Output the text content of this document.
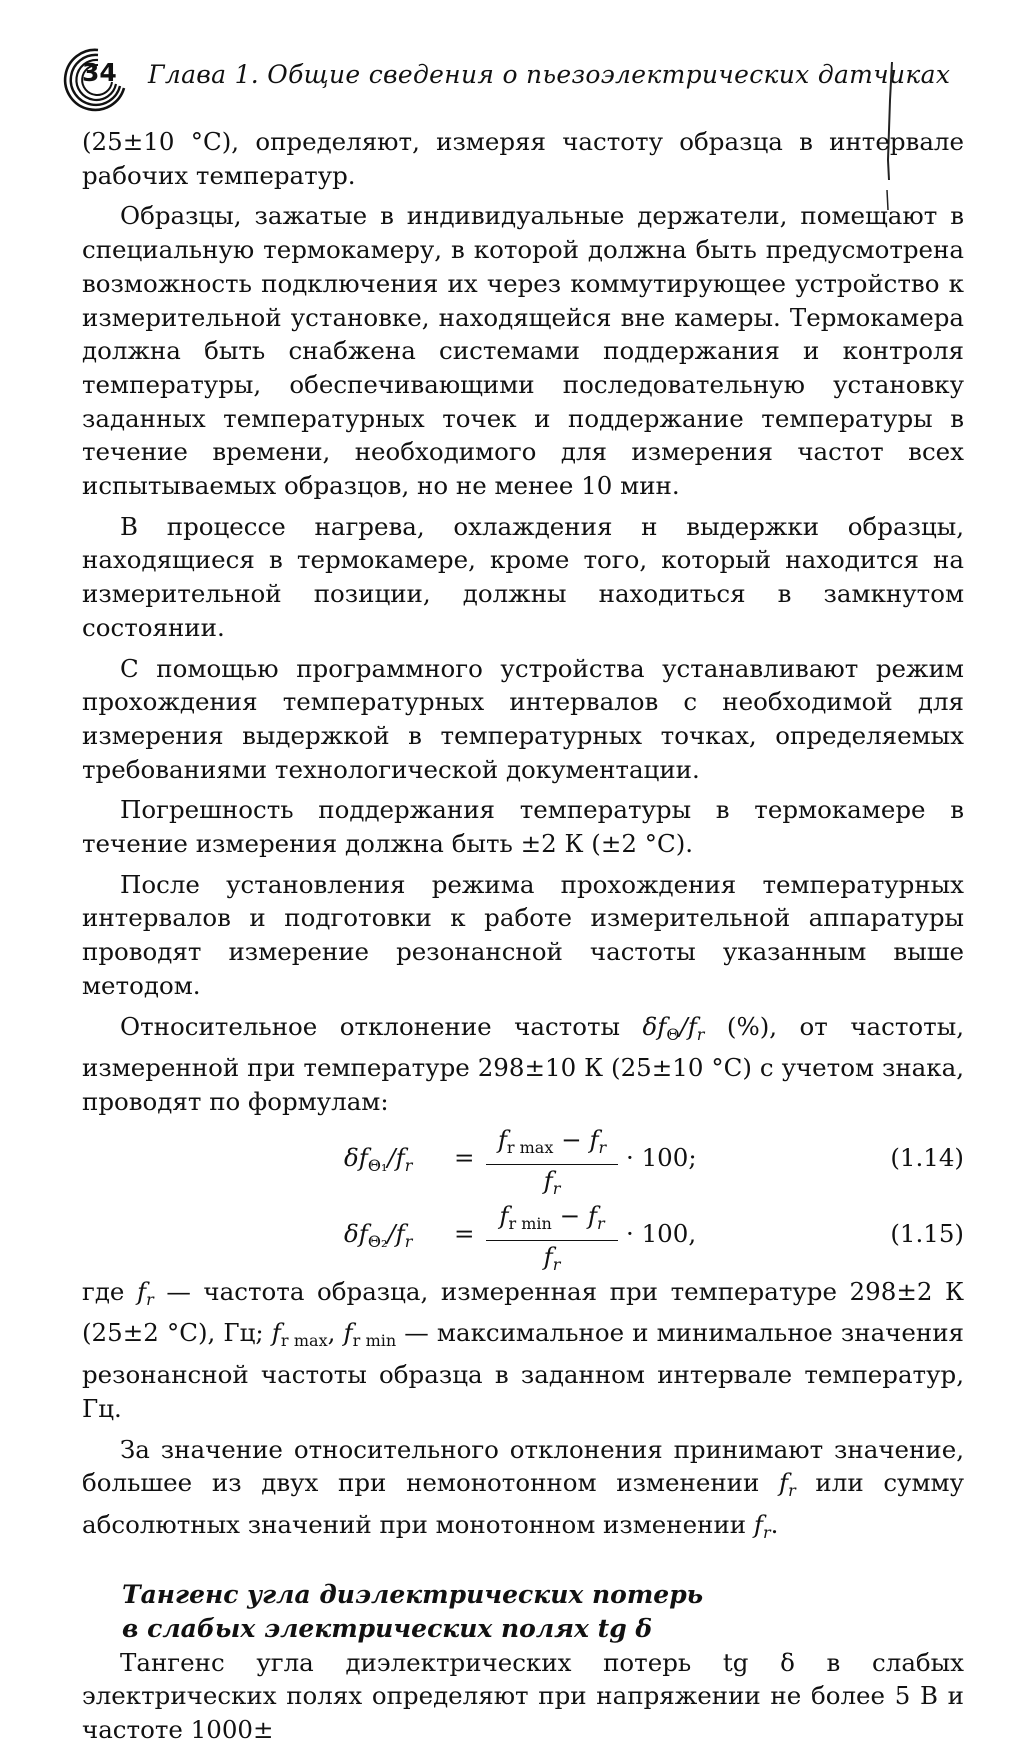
34 Глава 1. Общие сведения о пьезоэлектрических датчиках

(25±10 °С), определяют, измеряя частоту образца в интервале рабочих температур.

Образцы, зажатые в индивидуальные держатели, помещают в специальную термокамеру, в которой должна быть предусмотрена возможность подключения их через коммутирующее устройство к измерительной установке, находящейся вне камеры. Термокамера должна быть снабжена системами поддержания и контроля температуры, обеспечивающими последовательную установку заданных температурных точек и поддержание температуры в течение времени, необходимого для измерения частот всех испытываемых образцов, но не менее 10 мин.

В процессе нагрева, охлаждения н выдержки образцы, находящиеся в термокамере, кроме того, который находится на измерительной позиции, должны находиться в замкнутом состоянии.

С помощью программного устройства устанавливают режим прохождения температурных интервалов с необходимой для измерения выдержкой в температурных точках, определяемых требованиями технологической документации.

Погрешность поддержания температуры в термокамере в течение измерения должна быть ±2 К (±2 °С).

После установления режима прохождения температурных интервалов и подготовки к работе измерительной аппаратуры проводят измерение резонансной частоты указанным выше методом.

Относительное отклонение частоты $\delta f_\Theta/f_r$ (%), от частоты, измеренной при температуре 298±10 К (25±10 °С) с учетом знака, проводят по формулам:

$\delta f_{\Theta_1}/f_r$ =
$f_{r max} - f_r$
$f_r$
· 100;	(1.14)
$\delta f_{\Theta_2}/f_r$ =
$f_{r min} - f_r$
$f_r$
· 100,	(1.15)

где $f_r$ — частота образца, измеренная при температуре 298±2 К (25±2 °С), Гц; $f_{r max}$, $f_{r min}$ — максимальное и минимальное значения резонансной частоты образца в заданном интервале температур, Гц.

За значение относительного отклонения принимают значение, большее из двух при немонотонном изменении $f_r$ или сумму абсолютных значений при монотонном изменении $f_r$.

Тангенс угла диэлектрических потерь
в слабых электрических полях tg δ

Тангенс угла диэлектрических потерь tg δ в слабых электрических полях определяют при напряжении не более 5 В и частоте 1000±
